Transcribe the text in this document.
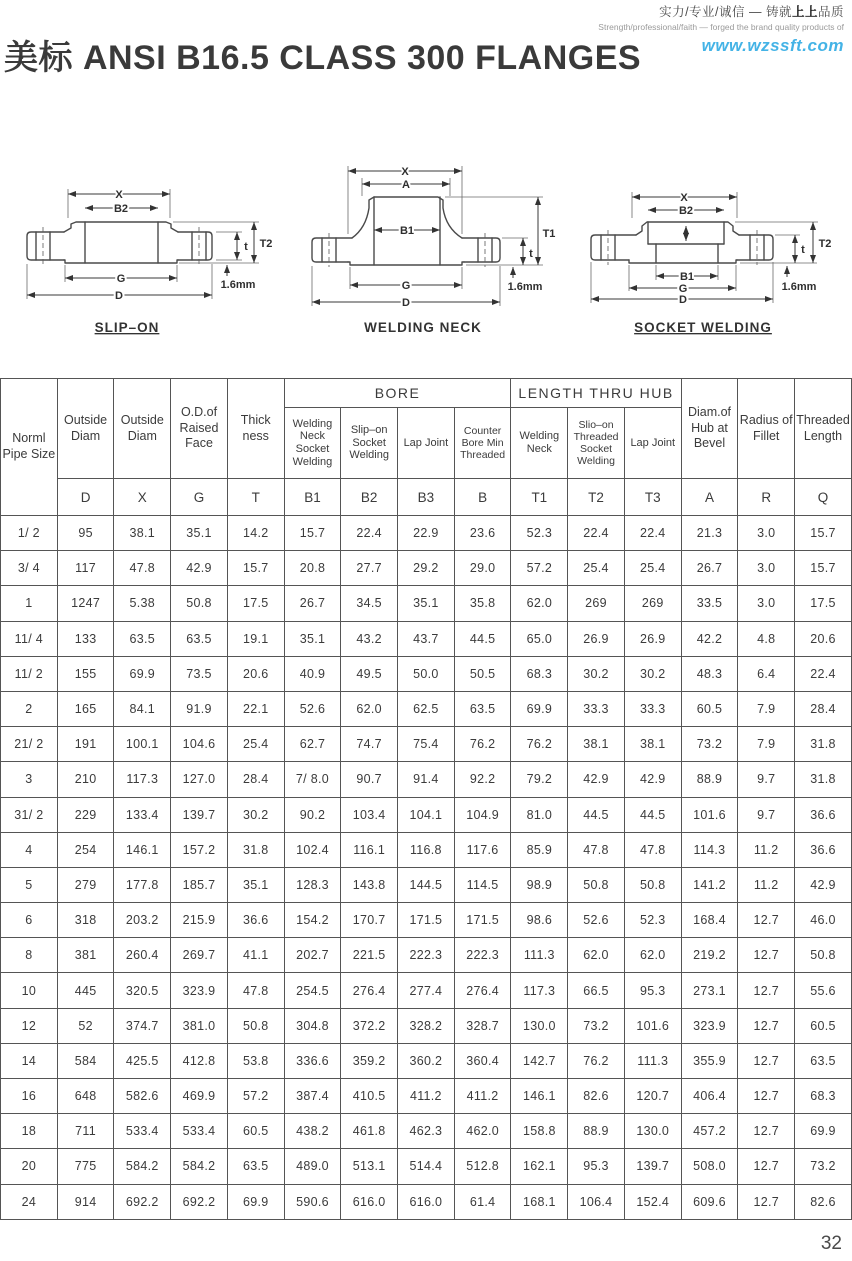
实力/专业/诚信 — 铸就上上品质
Strength/professional/faith — forged the brand quality products of
www.wzssft.com
美标 ANSI B16.5 CLASS 300 FLANGES
X
B2
G
D
t T2
1.6mm
SLIP–ON
X
A
B1
G
D
T1
t
1.6mm
WELDING NECK
X
B2
B1
G
D
t T2
1.6mm
SOCKET WELDING
Norml Pipe Size	Outside Diam	Outside Diam	O.D.of Raised Face	Thick ness	BORE				LENGTH THRU HUB			Diam.of Hub at Bevel	Radius of Fillet	Threaded Length
					Welding Neck Socket Welding	Slip–on Socket Welding	Lap Joint	Counter Bore Min Threaded	Welding Neck	Slio–on Threaded Socket Welding	Lap Joint			
	D	X	G	T	B1	B2	B3	B	T1	T2	T3	A	R	Q
1/ 2	95	38.1	35.1	14.2	15.7	22.4	22.9	23.6	52.3	22.4	22.4	21.3	3.0	15.7
3/ 4	117	47.8	42.9	15.7	20.8	27.7	29.2	29.0	57.2	25.4	25.4	26.7	3.0	15.7
1	1247	5.38	50.8	17.5	26.7	34.5	35.1	35.8	62.0	269	269	33.5	3.0	17.5
11/ 4	133	63.5	63.5	19.1	35.1	43.2	43.7	44.5	65.0	26.9	26.9	42.2	4.8	20.6
11/ 2	155	69.9	73.5	20.6	40.9	49.5	50.0	50.5	68.3	30.2	30.2	48.3	6.4	22.4
2	165	84.1	91.9	22.1	52.6	62.0	62.5	63.5	69.9	33.3	33.3	60.5	7.9	28.4
21/ 2	191	100.1	104.6	25.4	62.7	74.7	75.4	76.2	76.2	38.1	38.1	73.2	7.9	31.8
3	210	117.3	127.0	28.4	7/ 8.0	90.7	91.4	92.2	79.2	42.9	42.9	88.9	9.7	31.8
31/ 2	229	133.4	139.7	30.2	90.2	103.4	104.1	104.9	81.0	44.5	44.5	101.6	9.7	36.6
4	254	146.1	157.2	31.8	102.4	116.1	116.8	117.6	85.9	47.8	47.8	114.3	11.2	36.6
5	279	177.8	185.7	35.1	128.3	143.8	144.5	114.5	98.9	50.8	50.8	141.2	11.2	42.9
6	318	203.2	215.9	36.6	154.2	170.7	171.5	171.5	98.6	52.6	52.3	168.4	12.7	46.0
8	381	260.4	269.7	41.1	202.7	221.5	222.3	222.3	111.3	62.0	62.0	219.2	12.7	50.8
10	445	320.5	323.9	47.8	254.5	276.4	277.4	276.4	117.3	66.5	95.3	273.1	12.7	55.6
12	52	374.7	381.0	50.8	304.8	372.2	328.2	328.7	130.0	73.2	101.6	323.9	12.7	60.5
14	584	425.5	412.8	53.8	336.6	359.2	360.2	360.4	142.7	76.2	111.3	355.9	12.7	63.5
16	648	582.6	469.9	57.2	387.4	410.5	411.2	411.2	146.1	82.6	120.7	406.4	12.7	68.3
18	711	533.4	533.4	60.5	438.2	461.8	462.3	462.0	158.8	88.9	130.0	457.2	12.7	69.9
20	775	584.2	584.2	63.5	489.0	513.1	514.4	512.8	162.1	95.3	139.7	508.0	12.7	73.2
24	914	692.2	692.2	69.9	590.6	616.0	616.0	61.4	168.1	106.4	152.4	609.6	12.7	82.6
32
